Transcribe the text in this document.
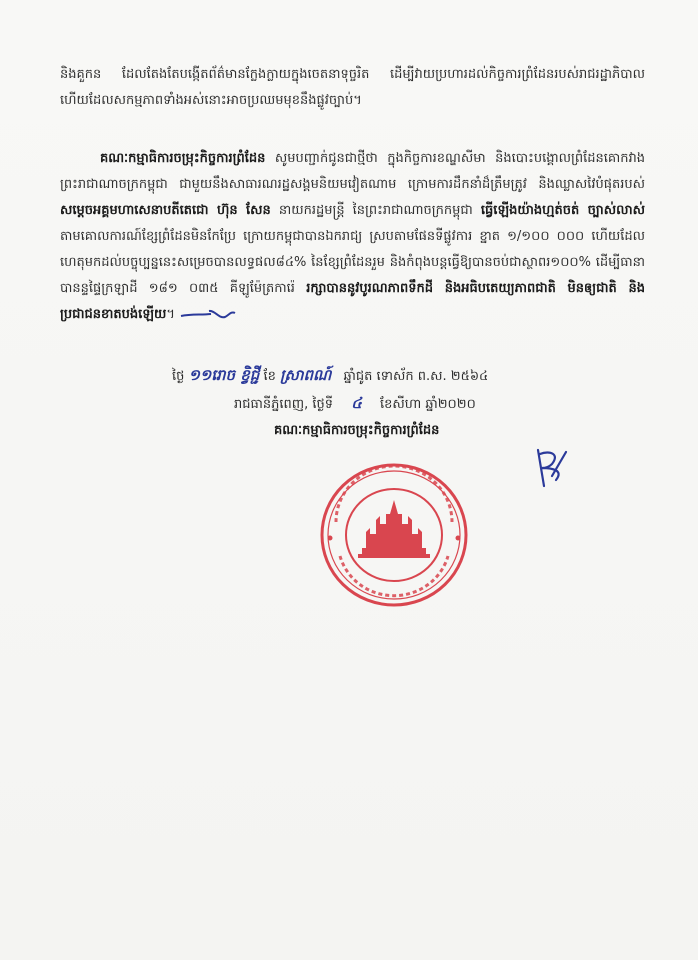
និងគួកន ដែលតែងតែបង្កើតព័ត៌មានក្លែងក្លាយក្នុងចេតនាទុច្ចរិត ដើម្បីវាយប្រហារដល់កិច្ចការព្រំដែនរបស់រាជរដ្ឋាភិបាល ហើយដែលសកម្មភាពទាំងអស់នោះអាចប្រឈមមុខនឹងផ្លូវច្បាប់។
គណៈកម្មាធិការចម្រុះកិច្ចការព្រំដែន សូមបញ្ជាក់ជូនជាថ្មីថា ក្នុងកិច្ចការខណ្ឌសីមា និងបោះបង្គោលព្រំដែនគោកវាងព្រះរាជាណាចក្រកម្ពុជា ជាមួយនឹងសាធារណរដ្ឋសង្គមនិយមវៀតណាម ក្រោមការដឹកនាំដ៏ត្រឹមត្រូវ និងឈ្លាសវៃបំផុតរបស់ សម្ដេចអគ្គមហាសេនាបតីតេជោ ហ៊ុន សែន នាយករដ្ឋមន្ត្រី នៃព្រះរាជាណាចក្រកម្ពុជា ធ្វើឡើងយ៉ាងហ្មត់ចត់ ច្បាស់លាស់ តាមគោលការណ៍ខ្សែព្រំដែនមិនកែប្រែ ក្រោយកម្ពុជាបានឯករាជ្យ ស្របតាមផែនទីផ្លូវការ ខ្នាត ១/១០០ ០០០ ហើយដែលហេតុមកដល់បច្ចុប្បន្ននេះសម្រេចបានលទ្ធផល៨៤% នៃខ្សែព្រំដែនរួម និងកំពុងបន្តធ្វើឱ្យបានចប់ជាស្ថាពរ១០០% ដើម្បីធានាបានន្ទផ្ទៃក្រឡាដី ១៨១ ០៣៥ គីឡូម៉ែត្រការ៉េ រក្សាបាននូវបូរណភាពទឹកដី និងអធិបតេយ្យភាពជាតិ មិនឲ្យជាតិ និងប្រជាជនខាតបង់ឡើយ។
ថ្ងៃ ១១រោច ខ្វិជ្ជី ខែ ស្រាពណ៍ ឆ្នាំជូត ទោស័ក ព.ស. ២៥៦៤
រាជធានីភ្នំពេញ, ថ្ងៃទី ៤ ខែសីហា ឆ្នាំ២០២០
គណៈកម្មាធិការចម្រុះកិច្ចការព្រំដែន
